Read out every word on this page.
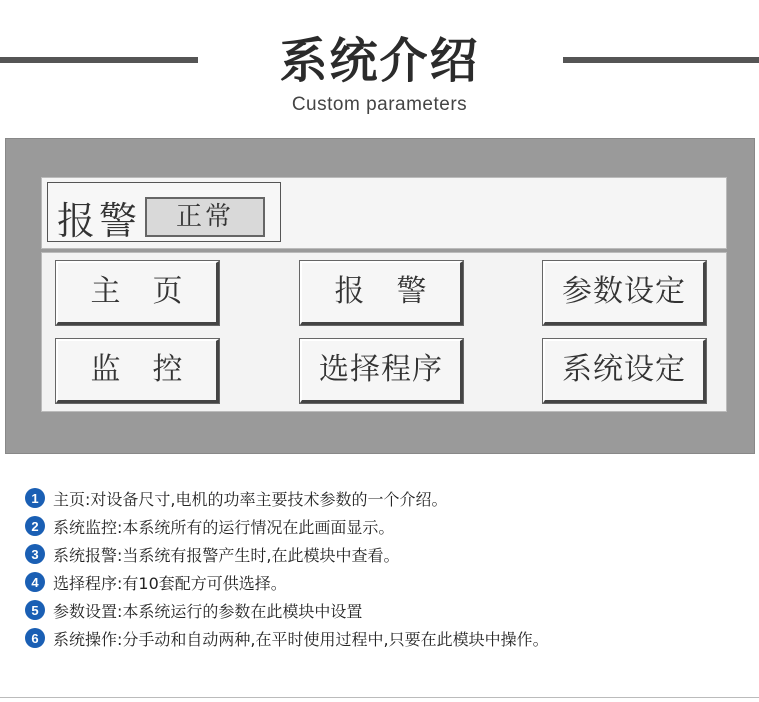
系统介绍
Custom parameters
报警	正常
主　页	报　警	参数设定
监　控	选择程序	系统设定
1 主页:对设备尺寸,电机的功率主要技术参数的一个介绍。
2 系统监控:本系统所有的运行情况在此画面显示。
3 系统报警:当系统有报警产生时,在此模块中查看。
4 选择程序:有10套配方可供选择。
5 参数设置:本系统运行的参数在此模块中设置
6 系统操作:分手动和自动两种,在平时使用过程中,只要在此模块中操作。
